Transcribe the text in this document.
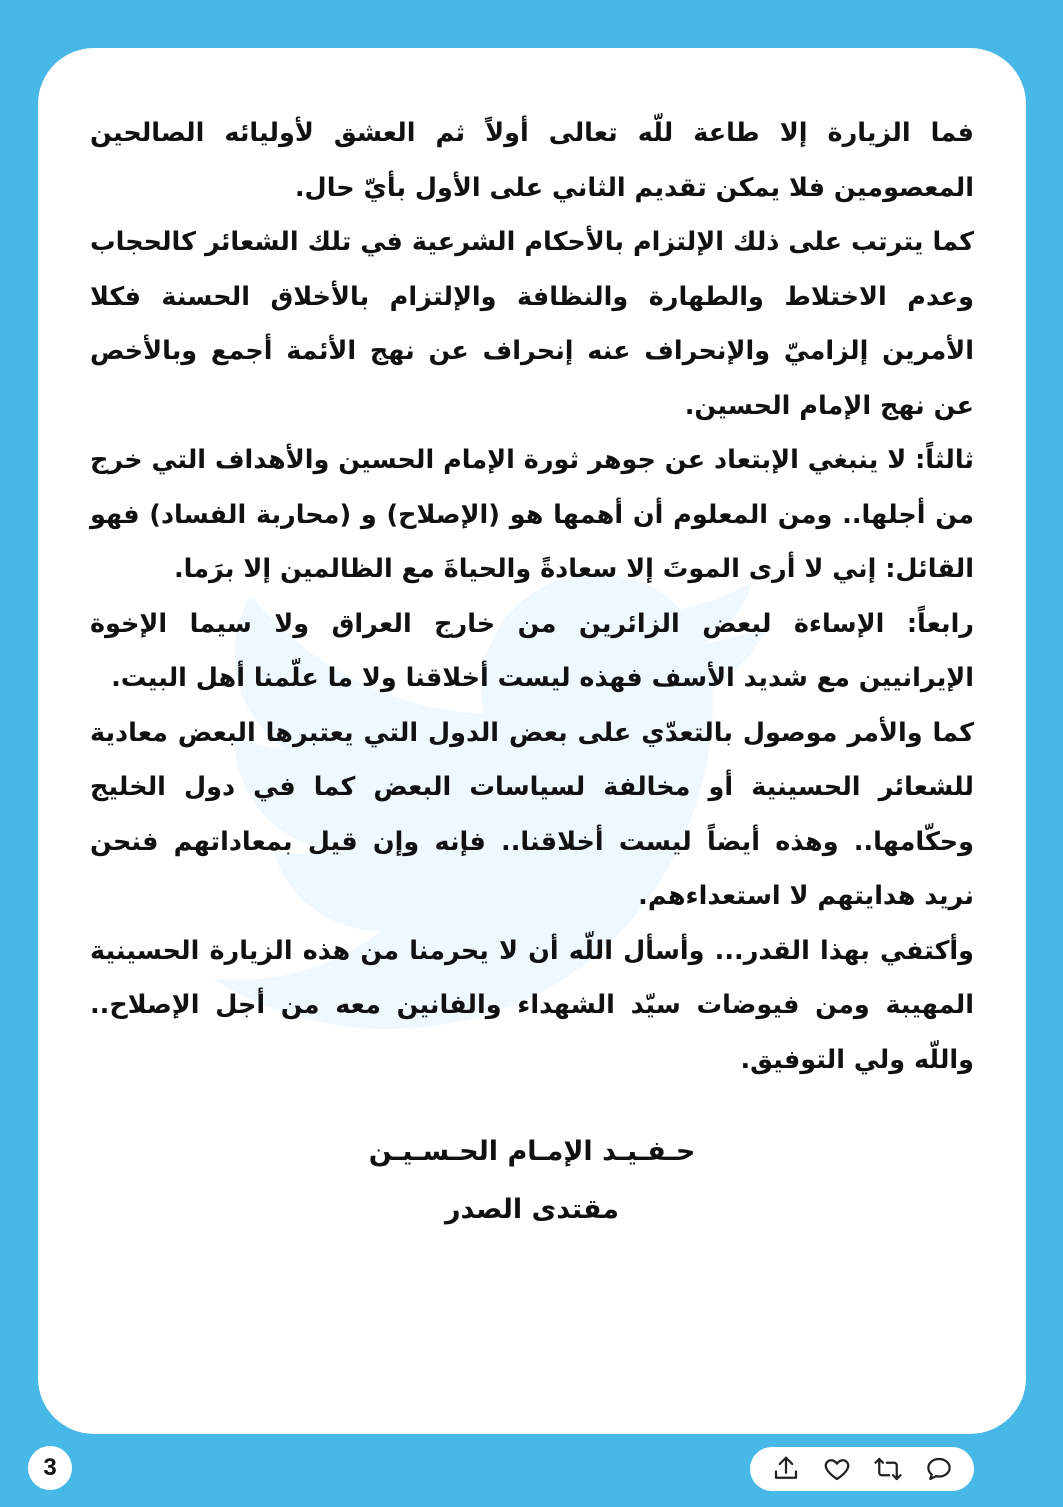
فما الزيارة إلا طاعة للّه تعالى أولاً ثم العشق لأوليائه الصالحين المعصومين فلا يمكن تقديم الثاني على الأول بأيّ حال.

كما يترتب على ذلك الإلتزام بالأحكام الشرعية في تلك الشعائر كالحجاب وعدم الاختلاط والطهارة والنظافة والإلتزام بالأخلاق الحسنة فكلا الأمرين إلزاميّ والإنحراف عنه إنحراف عن نهج الأئمة أجمع وبالأخص عن نهج الإمام الحسين.

ثالثاً: لا ينبغي الإبتعاد عن جوهر ثورة الإمام الحسين والأهداف التي خرج من أجلها.. ومن المعلوم أن أهمها هو (الإصلاح) و (محاربة الفساد) فهو القائل: إني لا أرى الموتَ إلا سعادةً والحياةَ مع الظالمين إلا برَما.

رابعاً: الإساءة لبعض الزائرين من خارج العراق ولا سيما الإخوة الإيرانيين مع شديد الأسف فهذه ليست أخلاقنا ولا ما علّمنا أهل البيت.

كما والأمر موصول بالتعدّي على بعض الدول التي يعتبرها البعض معادية للشعائر الحسينية أو مخالفة لسياسات البعض كما في دول الخليج وحكّامها.. وهذه أيضاً ليست أخلاقنا.. فإنه وإن قيل بمعاداتهم فنحن نريد هدايتهم لا استعداءهم.

وأكتفي بهذا القدر... وأسأل اللّه أن لا يحرمنا من هذه الزيارة الحسينية المهيبة ومن فيوضات سيّد الشهداء والفانين معه من أجل الإصلاح.. واللّه ولي التوفيق.

حـفـيـد الإمـام الحـسـيـن
مقتدى الصدر
3
